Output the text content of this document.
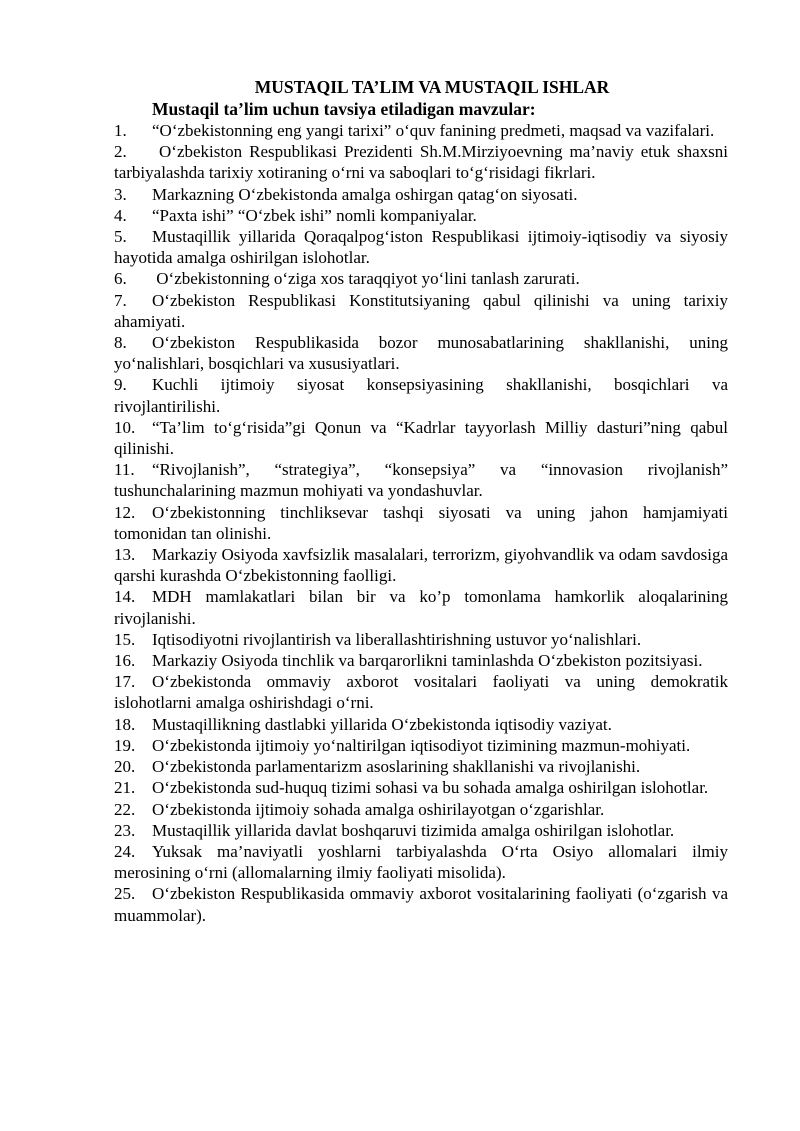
MUSTAQIL TA’LIM VA MUSTAQIL ISHLAR
Mustaqil ta’lim uchun tavsiya etiladigan mavzular:
1. “O‘zbekistonning eng yangi tarixi” o‘quv fanining predmeti, maqsad va vazifalari.
2. O‘zbekiston Respublikasi Prezidenti Sh.M.Mirziyoevning ma’naviy etuk shaxsni tarbiyalashda tarixiy xotiraning o‘rni va saboqlari to‘g‘risidagi fikrlari.
3. Markazning O‘zbekistonda amalga oshirgan qatag‘on siyosati.
4. “Paxta ishi” “O‘zbek ishi” nomli kompaniyalar.
5. Mustaqillik yillarida Qoraqalpog‘iston Respublikasi ijtimoiy-iqtisodiy va siyosiy hayotida amalga oshirilgan islohotlar.
6. O‘zbekistonning o‘ziga xos taraqqiyot yo‘lini tanlash zarurati.
7. O‘zbekiston Respublikasi Konstitutsiyaning qabul qilinishi va uning tarixiy ahamiyati.
8. O‘zbekiston Respublikasida bozor munosabatlarining shakllanishi, uning yo‘nalishlari, bosqichlari va xususiyatlari.
9. Kuchli ijtimoiy siyosat konsepsiyasining shakllanishi, bosqichlari va rivojlantirilishi.
10. “Ta’lim to‘g‘risida”gi Qonun va “Kadrlar tayyorlash Milliy dasturi”ning qabul qilinishi.
11. “Rivojlanish”, “strategiya”, “konsepsiya” va “innovasion rivojlanish” tushunchalarining mazmun mohiyati va yondashuvlar.
12. O‘zbekistonning tinchliksevar tashqi siyosati va uning jahon hamjamiyati tomonidan tan olinishi.
13. Markaziy Osiyoda xavfsizlik masalalari, terrorizm, giyohvandlik va odam savdosiga qarshi kurashda O‘zbekistonning faolligi.
14. MDH mamlakatlari bilan bir va ko’p tomonlama hamkorlik aloqalarining rivojlanishi.
15. Iqtisodiyotni rivojlantirish va liberallashtirishning ustuvor yo‘nalishlari.
16. Markaziy Osiyoda tinchlik va barqarorlikni taminlashda O‘zbekiston pozitsiyasi.
17. O‘zbekistonda ommaviy axborot vositalari faoliyati va uning demokratik islohotlarni amalga oshirishdagi o‘rni.
18. Mustaqillikning dastlabki yillarida O‘zbekistonda iqtisodiy vaziyat.
19. O‘zbekistonda ijtimoiy yo‘naltirilgan iqtisodiyot tizimining mazmun-mohiyati.
20. O‘zbekistonda parlamentarizm asoslarining shakllanishi va rivojlanishi.
21. O‘zbekistonda sud-huquq tizimi sohasi va bu sohada amalga oshirilgan islohotlar.
22. O‘zbekistonda ijtimoiy sohada amalga oshirilayotgan o‘zgarishlar.
23. Mustaqillik yillarida davlat boshqaruvi tizimida amalga oshirilgan islohotlar.
24. Yuksak ma’naviyatli yoshlarni tarbiyalashda O‘rta Osiyo allomalari ilmiy merosining o‘rni (allomalarning ilmiy faoliyati misolida).
25. O‘zbekiston Respublikasida ommaviy axborot vositalarining faoliyati (o‘zgarish va muammolar).
